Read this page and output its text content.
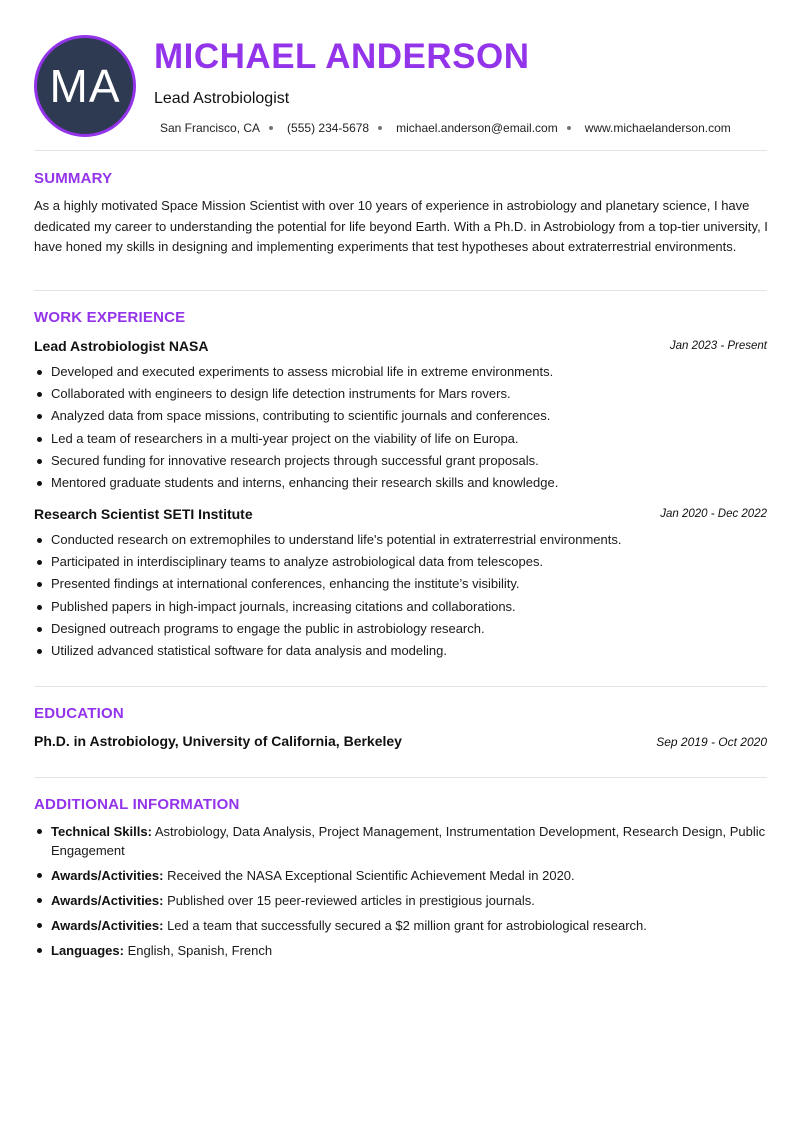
MA
MICHAEL ANDERSON
Lead Astrobiologist
San Francisco, CA (555) 234-5678 michael.anderson@email.com www.michaelanderson.com
SUMMARY
As a highly motivated Space Mission Scientist with over 10 years of experience in astrobiology and planetary science, I have dedicated my career to understanding the potential for life beyond Earth. With a Ph.D. in Astrobiology from a top-tier university, I have honed my skills in designing and implementing experiments that test hypotheses about extraterrestrial environments.
WORK EXPERIENCE
Lead Astrobiologist NASA	Jan 2023 - Present
Developed and executed experiments to assess microbial life in extreme environments.
Collaborated with engineers to design life detection instruments for Mars rovers.
Analyzed data from space missions, contributing to scientific journals and conferences.
Led a team of researchers in a multi-year project on the viability of life on Europa.
Secured funding for innovative research projects through successful grant proposals.
Mentored graduate students and interns, enhancing their research skills and knowledge.
Research Scientist SETI Institute	Jan 2020 - Dec 2022
Conducted research on extremophiles to understand life's potential in extraterrestrial environments.
Participated in interdisciplinary teams to analyze astrobiological data from telescopes.
Presented findings at international conferences, enhancing the institute’s visibility.
Published papers in high-impact journals, increasing citations and collaborations.
Designed outreach programs to engage the public in astrobiology research.
Utilized advanced statistical software for data analysis and modeling.
EDUCATION
Ph.D. in Astrobiology, University of California, Berkeley	Sep 2019 - Oct 2020
ADDITIONAL INFORMATION
Technical Skills: Astrobiology, Data Analysis, Project Management, Instrumentation Development, Research Design, Public Engagement
Awards/Activities: Received the NASA Exceptional Scientific Achievement Medal in 2020.
Awards/Activities: Published over 15 peer-reviewed articles in prestigious journals.
Awards/Activities: Led a team that successfully secured a $2 million grant for astrobiological research.
Languages: English, Spanish, French
